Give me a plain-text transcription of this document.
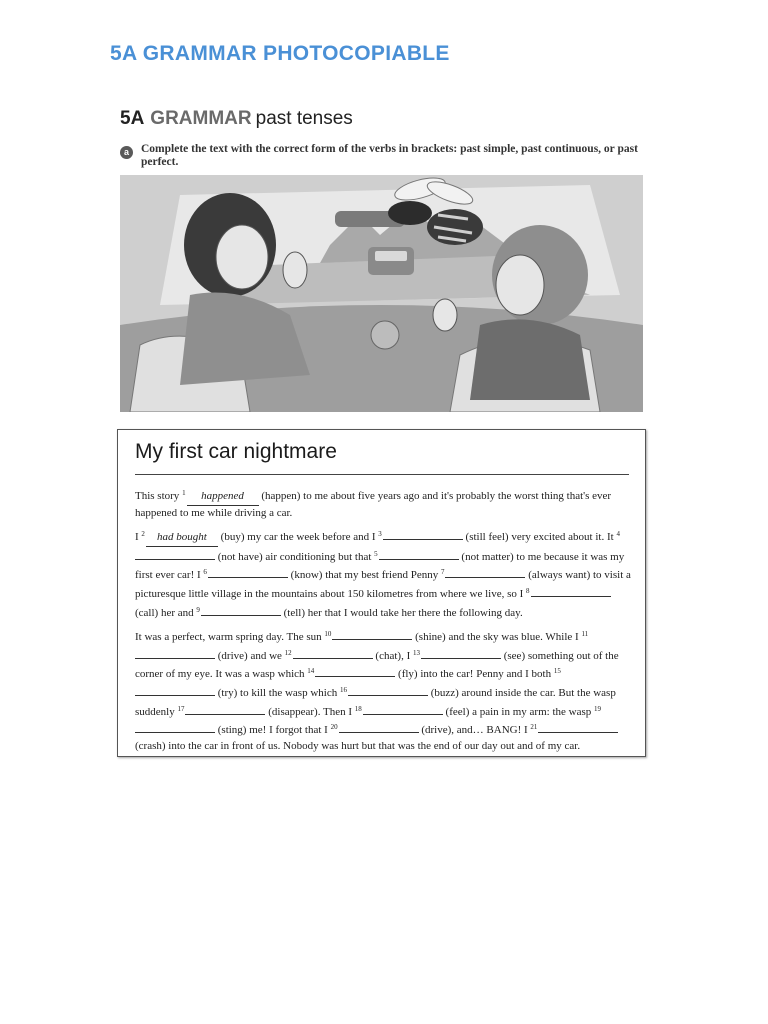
5A GRAMMAR PHOTOCOPIABLE
5A GRAMMAR past tenses
a	Complete the text with the correct form of the verbs in brackets: past simple, past continuous, or past perfect.
My first car nightmare

This story $^1$ happened (happen) to me about five years ago and it's probably the worst thing that's ever happened to me while driving a car.

I $^2$ had bought (buy) my car the week before and I $^3$	(still feel) very excited about it. It $^4$ (not have) air conditioning but that $^5$	(not matter) to me because it was my first ever car! I $^6$	(know) that my best friend Penny $^7$	(always want) to visit a picturesque little village in the mountains about 150 kilometres from where we live, so I $^8$ (call) her and $^9$	(tell) her that I would take her there the following day.

It was a perfect, warm spring day. The sun $^{10}$	(shine) and the sky was blue. While I $^{11}$ (drive) and we $^{12}$	(chat), I $^{13}$	(see) something out of the corner of my eye. It was a wasp which $^{14}$	(fly) into the car! Penny and I both $^{15}$ (try) to kill the wasp which $^{16}$	(buzz) around inside the car. But the wasp suddenly $^{17}$	(disappear). Then I $^{18}$	(feel) a pain in my arm: the wasp $^{19}$ (sting) me! I forgot that I $^{20}$	(drive), and… BANG! I $^{21}$ (crash) into the car in front of us. Nobody was hurt but that was the end of our day out and of my car.
